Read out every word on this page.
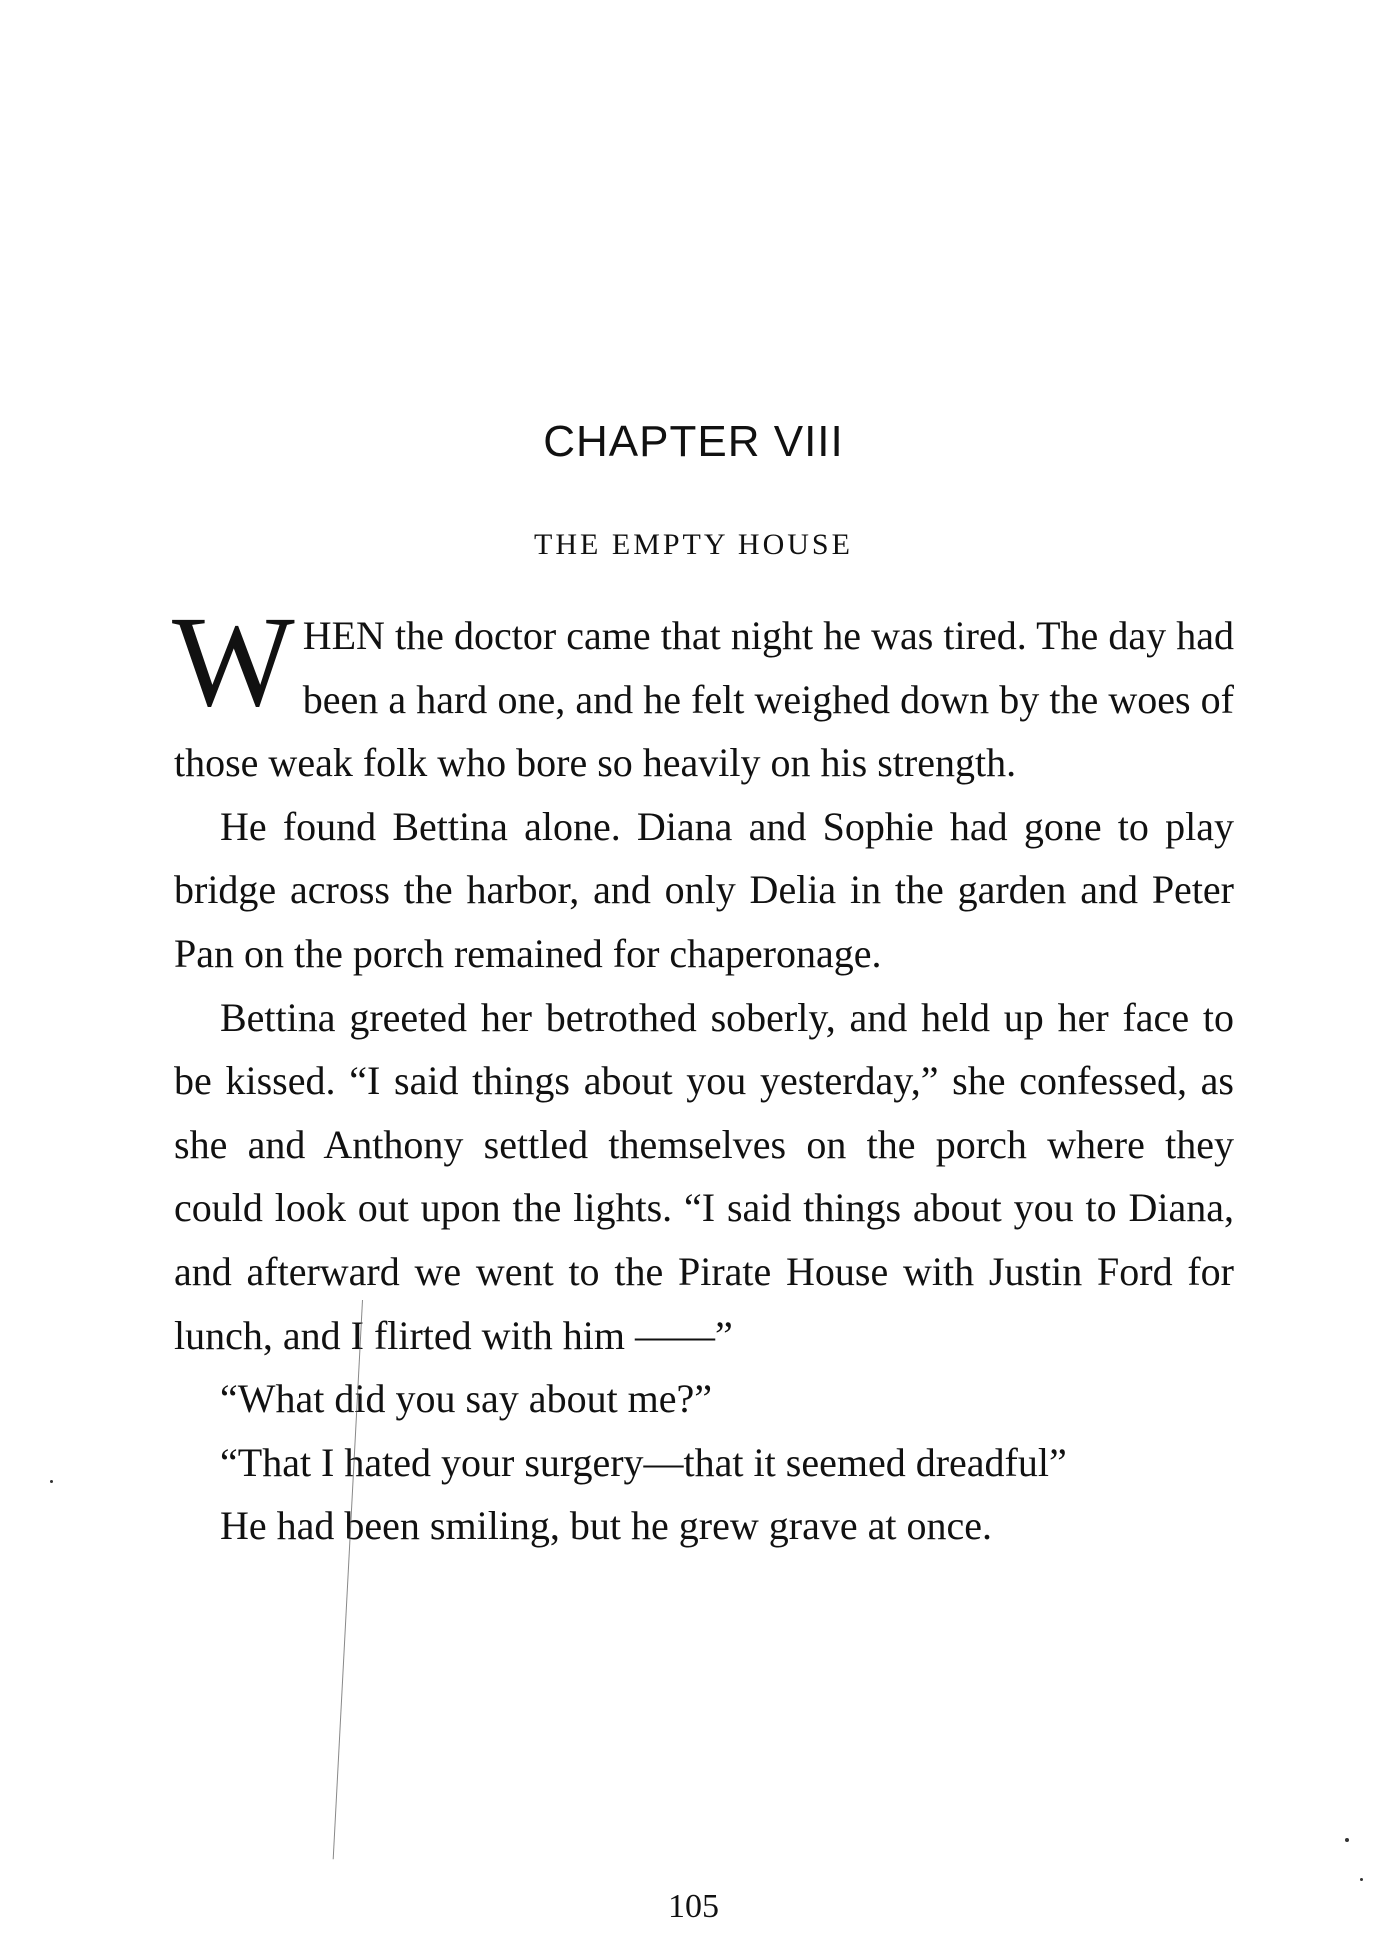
CHAPTER VIII
THE EMPTY HOUSE

WHEN the doctor came that night he was tired. The day had been a hard one, and he felt weighed down by the woes of those weak folk who bore so heavily on his strength.

He found Bettina alone. Diana and Sophie had gone to play bridge across the harbor, and only Delia in the garden and Peter Pan on the porch remained for chaperonage.

Bettina greeted her betrothed soberly, and held up her face to be kissed. “I said things about you yesterday,” she confessed, as she and Anthony settled themselves on the porch where they could look out upon the lights. “I said things about you to Diana, and afterward we went to the Pirate House with Justin Ford for lunch, and I flirted with him ——”

“What did you say about me?”

“That I hated your surgery—that it seemed dreadful”

He had been smiling, but he grew grave at once.

105
